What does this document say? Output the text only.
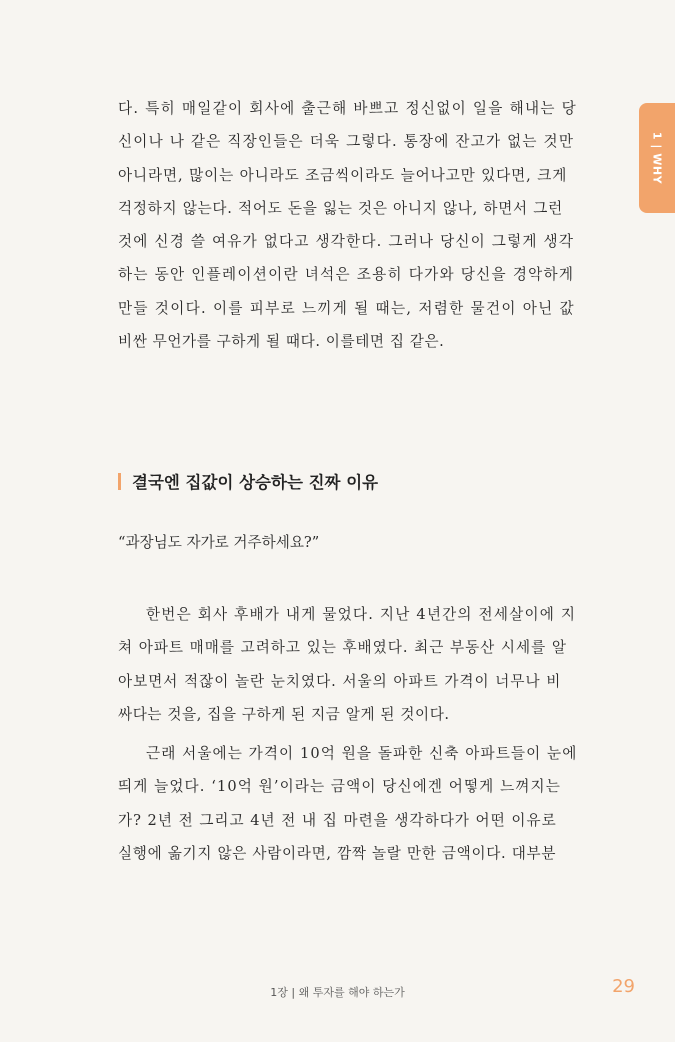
1 | WHY

다. 특히 매일같이 회사에 출근해 바쁘고 정신없이 일을 해내는 당
신이나 나 같은 직장인들은 더욱 그렇다. 통장에 잔고가 없는 것만
아니라면, 많이는 아니라도 조금씩이라도 늘어나고만 있다면, 크게
걱정하지 않는다. 적어도 돈을 잃는 것은 아니지 않나, 하면서 그런
것에 신경 쓸 여유가 없다고 생각한다. 그러나 당신이 그렇게 생각
하는 동안 인플레이션이란 녀석은 조용히 다가와 당신을 경악하게
만들 것이다. 이를 피부로 느끼게 될 때는, 저렴한 물건이 아닌 값
비싼 무언가를 구하게 될 때다. 이를테면 집 같은.

결국엔 집값이 상승하는 진짜 이유
“과장님도 자가로 거주하세요?”

한번은 회사 후배가 내게 물었다. 지난 4년간의 전세살이에 지
쳐 아파트 매매를 고려하고 있는 후배였다. 최근 부동산 시세를 알
아보면서 적잖이 놀란 눈치였다. 서울의 아파트 가격이 너무나 비
싸다는 것을, 집을 구하게 된 지금 알게 된 것이다.

근래 서울에는 가격이 10억 원을 돌파한 신축 아파트들이 눈에
띄게 늘었다. ‘10억 원’이라는 금액이 당신에겐 어떻게 느껴지는
가? 2년 전 그리고 4년 전 내 집 마련을 생각하다가 어떤 이유로
실행에 옮기지 않은 사람이라면, 깜짝 놀랄 만한 금액이다. 대부분

1장 | 왜 투자를 해야 하는가	29
